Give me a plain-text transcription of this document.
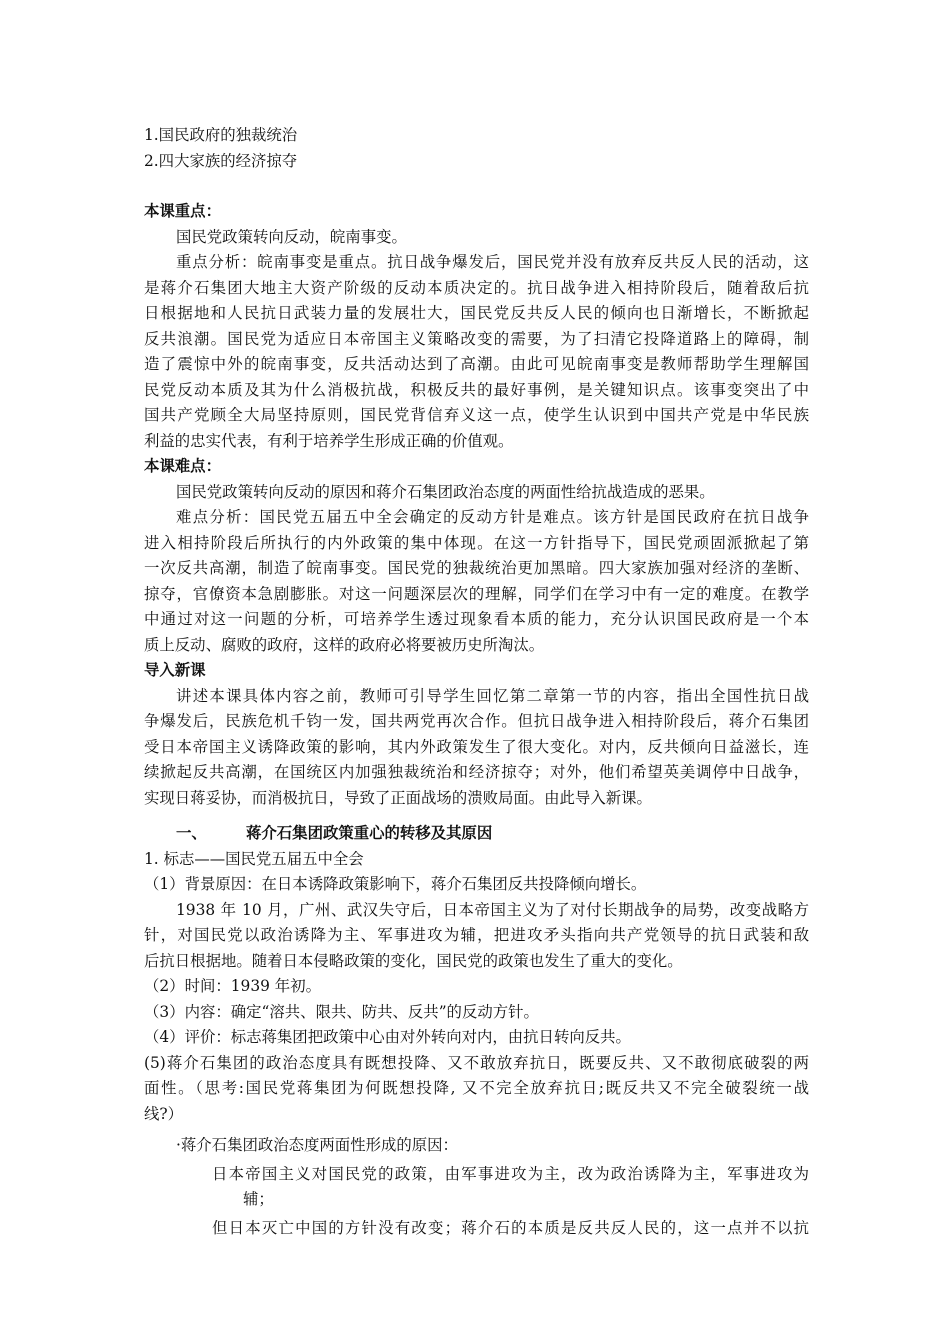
1.国民政府的独裁统治
2.四大家族的经济掠夺
本课重点：
国民党政策转向反动，皖南事变。
重点分析：皖南事变是重点。抗日战争爆发后，国民党并没有放弃反共反人民的活动，这
是蒋介石集团大地主大资产阶级的反动本质决定的。抗日战争进入相持阶段后，随着敌后抗
日根据地和人民抗日武装力量的发展壮大，国民党反共反人民的倾向也日渐增长，不断掀起
反共浪潮。国民党为适应日本帝国主义策略改变的需要，为了扫清它投降道路上的障碍，制
造了震惊中外的皖南事变，反共活动达到了高潮。由此可见皖南事变是教师帮助学生理解国
民党反动本质及其为什么消极抗战，积极反共的最好事例，是关键知识点。该事变突出了中
国共产党顾全大局坚持原则，国民党背信弃义这一点，使学生认识到中国共产党是中华民族
利益的忠实代表，有利于培养学生形成正确的价值观。
本课难点：
国民党政策转向反动的原因和蒋介石集团政治态度的两面性给抗战造成的恶果。
难点分析：国民党五届五中全会确定的反动方针是难点。该方针是国民政府在抗日战争
进入相持阶段后所执行的内外政策的集中体现。在这一方针指导下，国民党顽固派掀起了第
一次反共高潮，制造了皖南事变。国民党的独裁统治更加黑暗。四大家族加强对经济的垄断、
掠夺，官僚资本急剧膨胀。对这一问题深层次的理解，同学们在学习中有一定的难度。在教学
中通过对这一问题的分析，可培养学生透过现象看本质的能力，充分认识国民政府是一个本
质上反动、腐败的政府，这样的政府必将要被历史所淘汰。
导入新课
讲述本课具体内容之前，教师可引导学生回忆第二章第一节的内容，指出全国性抗日战
争爆发后，民族危机千钧一发，国共两党再次合作。但抗日战争进入相持阶段后，蒋介石集团
受日本帝国主义诱降政策的影响，其内外政策发生了很大变化。对内，反共倾向日益滋长，连
续掀起反共高潮，在国统区内加强独裁统治和经济掠夺；对外，他们希望英美调停中日战争，
实现日蒋妥协，而消极抗日，导致了正面战场的溃败局面。由此导入新课。
一、	蒋介石集团政策重心的转移及其原因
1. 标志——国民党五届五中全会
（1）背景原因：在日本诱降政策影响下，蒋介石集团反共投降倾向增长。
1938 年 10 月，广州、武汉失守后，日本帝国主义为了对付长期战争的局势，改变战略方
针，对国民党以政治诱降为主、军事进攻为辅，把进攻矛头指向共产党领导的抗日武装和敌
后抗日根据地。随着日本侵略政策的变化，国民党的政策也发生了重大的变化。
（2）时间：1939 年初。
（3）内容：确定“溶共、限共、防共、反共”的反动方针。
（4）评价：标志蒋集团把政策中心由对外转向对内，由抗日转向反共。
(5)蒋介石集团的政治态度具有既想投降、又不敢放弃抗日，既要反共、又不敢彻底破裂的两
面性。（思考:国民党蒋集团为何既想投降, 又不完全放弃抗日;既反共又不完全破裂统一战
线?）
·蒋介石集团政治态度两面性形成的原因：
日本帝国主义对国民党的政策，由军事进攻为主，改为政治诱降为主，军事进攻为
辅；
但日本灭亡中国的方针没有改变；蒋介石的本质是反共反人民的，这一点并不以抗
